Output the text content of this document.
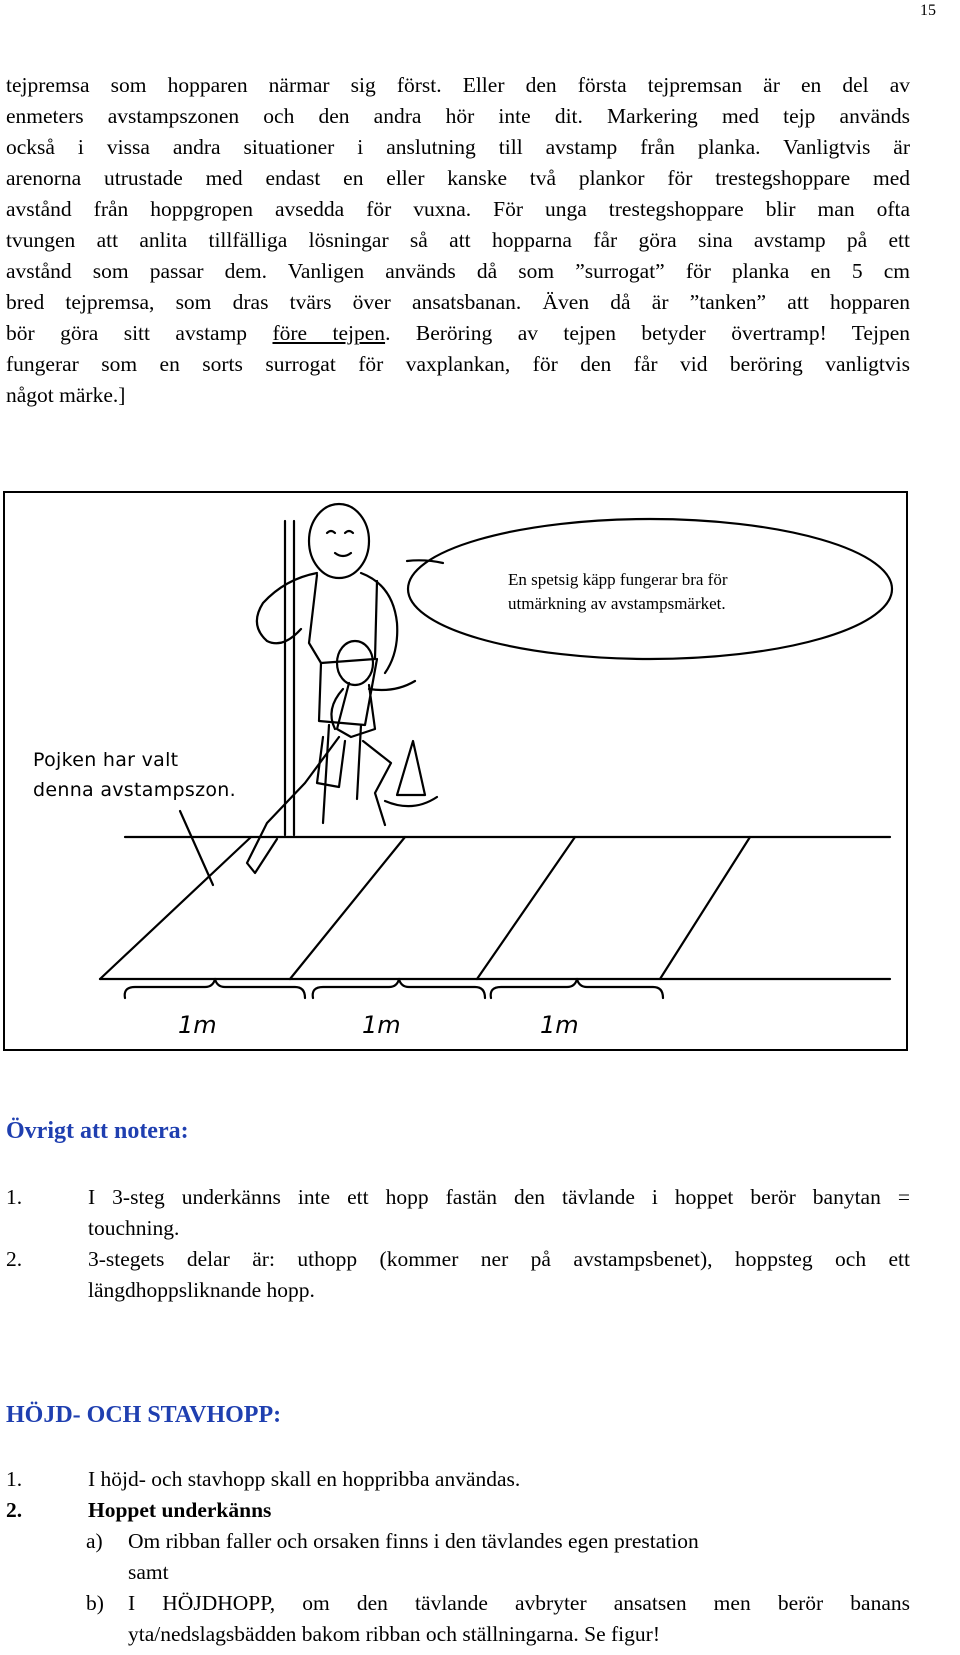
15
tejpremsa som hopparen närmar sig först. Eller den första tejpremsan är en del av
enmeters avstampszonen och den andra hör inte dit. Markering med tejp används
också i vissa andra situationer i anslutning till avstamp från planka. Vanligtvis är
arenorna utrustade med endast en eller kanske två plankor för trestegshoppare med
avstånd från hoppgropen avsedda för vuxna. För unga trestegshoppare blir man ofta
tvungen att anlita tillfälliga lösningar så att hopparna får göra sina avstamp på ett
avstånd som passar dem. Vanligen används då som ”surrogat” för planka en 5 cm
bred tejpremsa, som dras tvärs över ansatsbanan. Även då är ”tanken” att hopparen
bör göra sitt avstamp före tejpen. Beröring av tejpen betyder övertramp! Tejpen
fungerar som en sorts surrogat för vaxplankan, för den får vid beröring vanligtvis
något märke.]
En spetsig käpp fungerar bra för utmärkning av avstampsmärket.
Pojken har valt
denna avstampszon.
1m	1m	1m
Övrigt att notera:
1.	I 3-steg underkänns inte ett hopp fastän den tävlande i hoppet berör banytan =
touchning.
2.	3-stegets delar är: uthopp (kommer ner på avstampsbenet), hoppsteg och ett
längdhoppsliknande hopp.
HÖJD- OCH STAVHOPP:
1.	I höjd- och stavhopp skall en hoppribba användas.
2.	Hoppet underkänns
a) Om ribban faller och orsaken finns i den tävlandes egen prestation
samt
b) I HÖJDHOPP, om den tävlande avbryter ansatsen men berör banans
yta/nedslagsbädden bakom ribban och ställningarna. Se figur!
